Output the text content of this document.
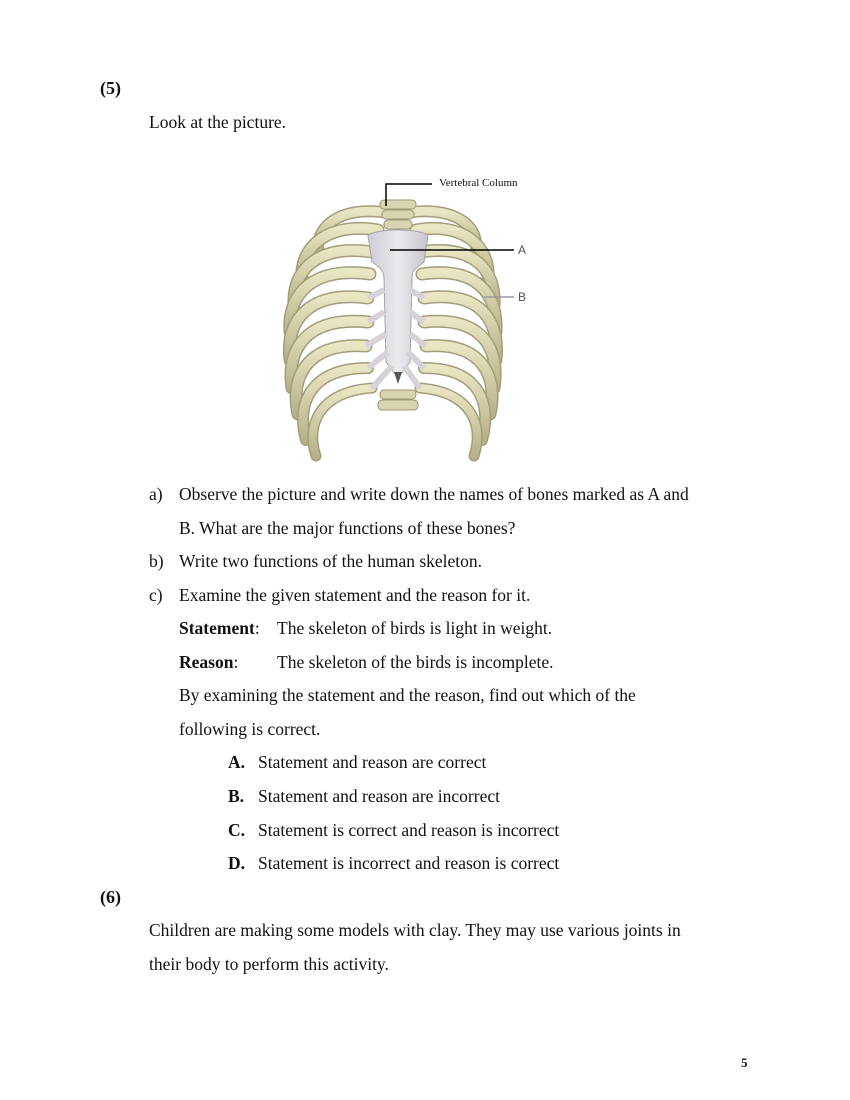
(5)
Look at the picture.
Vertebral Column
A
B
a) Observe the picture and write down the names of bones marked as A and
B. What are the major functions of these bones?
b) Write two functions of the human skeleton.
c) Examine the given statement and the reason for it.
Statement: The skeleton of birds is light in weight.
Reason: The skeleton of the birds is incomplete.
By examining the statement and the reason, find out which of the
following is correct.
A. Statement and reason are correct
B. Statement and reason are incorrect
C. Statement is correct and reason is incorrect
D. Statement is incorrect and reason is correct
(6)
Children are making some models with clay. They may use various joints in
their body to perform this activity.
5
